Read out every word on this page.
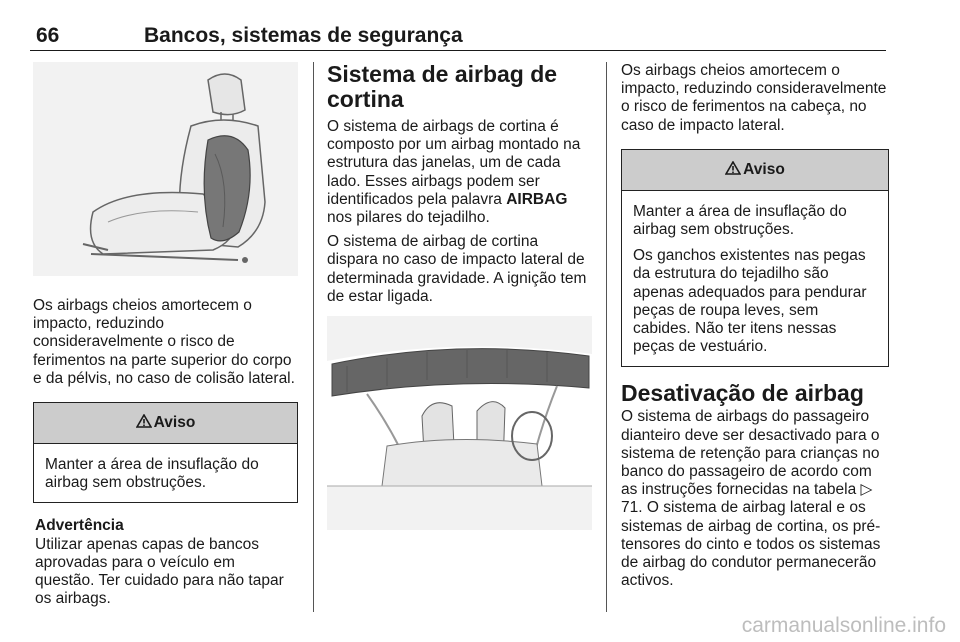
66	Bancos, sistemas de segurança

Os airbags cheios amortecem o impacto, reduzindo consideravelmente o risco de ferimentos na parte superior do corpo e da pélvis, no caso de colisão lateral.

Aviso

Manter a área de insuflação do airbag sem obstruções.

Advertência

Utilizar apenas capas de bancos aprovadas para o veículo em questão. Ter cuidado para não tapar os airbags.

Sistema de airbag de cortina

O sistema de airbags de cortina é composto por um airbag montado na estrutura das janelas, um de cada lado. Esses airbags podem ser identificados pela palavra AIRBAG nos pilares do tejadilho.

O sistema de airbag de cortina dispara no caso de impacto lateral de determinada gravidade. A ignição tem de estar ligada.

Os airbags cheios amortecem o impacto, reduzindo consideravelmente o risco de ferimentos na cabeça, no caso de impacto lateral.

Aviso

Manter a área de insuflação do airbag sem obstruções.

Os ganchos existentes nas pegas da estrutura do tejadilho são apenas adequados para pendurar peças de roupa leves, sem cabides. Não ter itens nessas peças de vestuário.

Desativação de airbag

O sistema de airbags do passageiro dianteiro deve ser desactivado para o sistema de retenção para crianças no banco do passageiro de acordo com as instruções fornecidas na tabela ▷ 71. O sistema de airbag lateral e os sistemas de airbag de cortina, os pré-tensores do cinto e todos os sistemas de airbag do condutor permanecerão activos.

carmanualsonline.info
